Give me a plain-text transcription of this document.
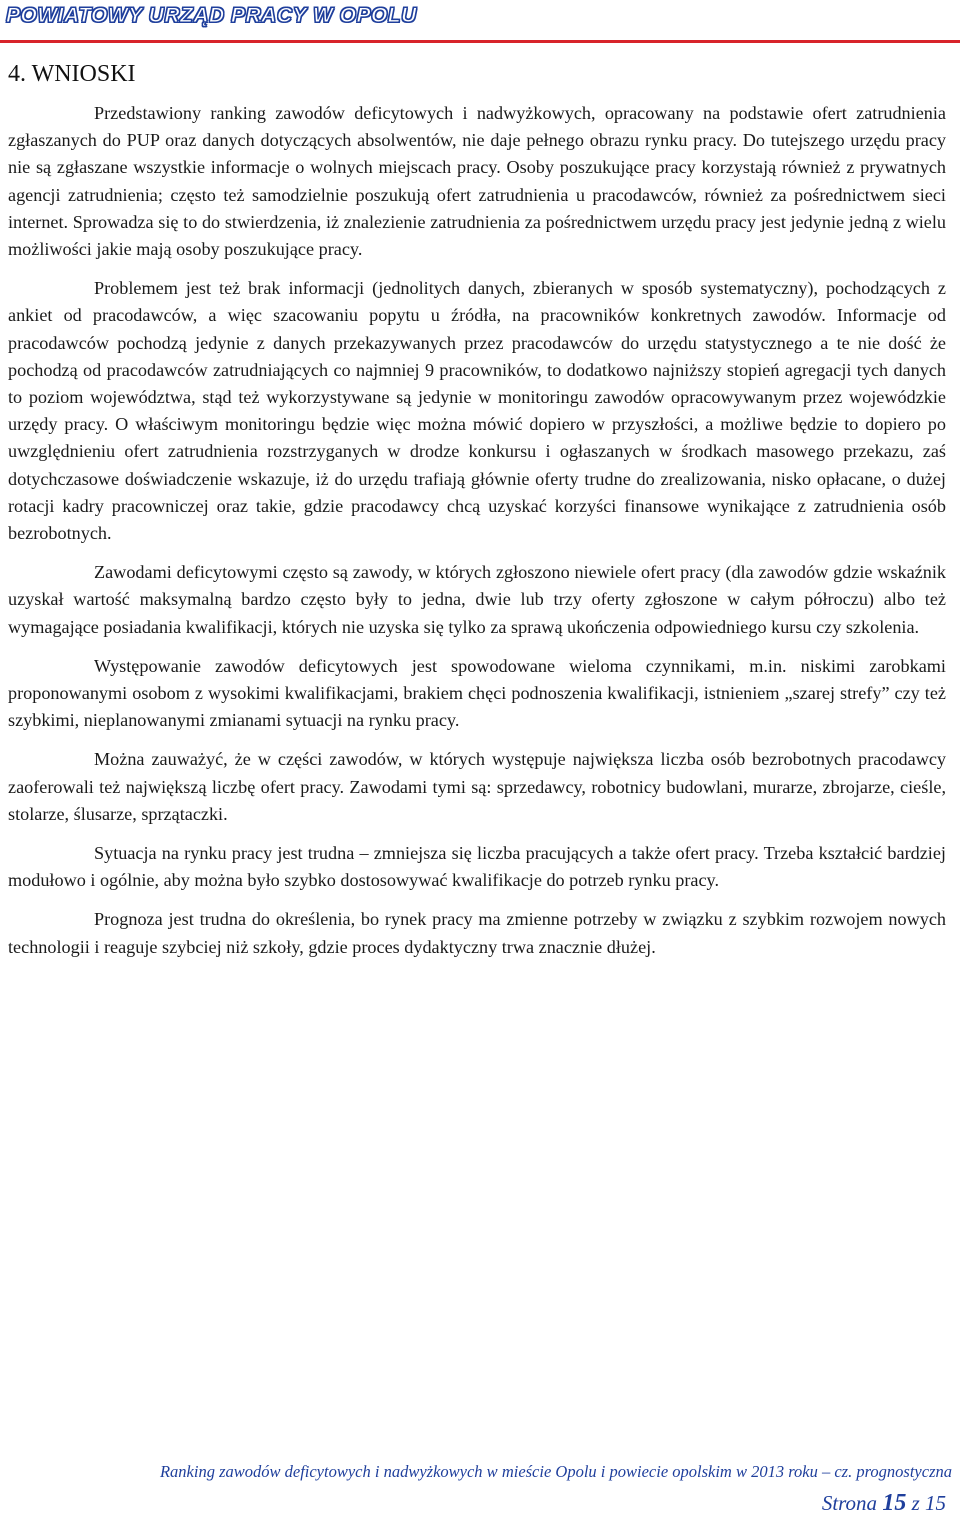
POWIATOWY URZĄD PRACY W OPOLU
4. WNIOSKI

Przedstawiony ranking zawodów deficytowych i nadwyżkowych, opracowany na podstawie ofert zatrudnienia zgłaszanych do PUP oraz danych dotyczących absolwentów, nie daje pełnego obrazu rynku pracy. Do tutejszego urzędu pracy nie są zgłaszane wszystkie informacje o wolnych miejscach pracy. Osoby poszukujące pracy korzystają również z prywatnych agencji zatrudnienia; często też samodzielnie poszukują ofert zatrudnienia u pracodawców, również za pośrednictwem sieci internet. Sprowadza się to do stwierdzenia, iż znalezienie zatrudnienia za pośrednictwem urzędu pracy jest jedynie jedną z wielu możliwości jakie mają osoby poszukujące pracy.

Problemem jest też brak informacji (jednolitych danych, zbieranych w sposób systematyczny), pochodzących z ankiet od pracodawców, a więc szacowaniu popytu u źródła, na pracowników konkretnych zawodów. Informacje od pracodawców pochodzą jedynie z danych przekazywanych przez pracodawców do urzędu statystycznego a te nie dość że pochodzą od pracodawców zatrudniających co najmniej 9 pracowników, to dodatkowo najniższy stopień agregacji tych danych to poziom województwa, stąd też wykorzystywane są jedynie w monitoringu zawodów opracowywanym przez wojewódzkie urzędy pracy. O właściwym monitoringu będzie więc można mówić dopiero w przyszłości, a możliwe będzie to dopiero po uwzględnieniu ofert zatrudnienia rozstrzyganych w drodze konkursu i ogłaszanych w środkach masowego przekazu, zaś dotychczasowe doświadczenie wskazuje, iż do urzędu trafiają głównie oferty trudne do zrealizowania, nisko opłacane, o dużej rotacji kadry pracowniczej oraz takie, gdzie pracodawcy chcą uzyskać korzyści finansowe wynikające z zatrudnienia osób bezrobotnych.

Zawodami deficytowymi często są zawody, w których zgłoszono niewiele ofert pracy (dla zawodów gdzie wskaźnik uzyskał wartość maksymalną bardzo często były to jedna, dwie lub trzy oferty zgłoszone w całym półroczu) albo też wymagające posiadania kwalifikacji, których nie uzyska się tylko za sprawą ukończenia odpowiedniego kursu czy szkolenia.

Występowanie zawodów deficytowych jest spowodowane wieloma czynnikami, m.in. niskimi zarobkami proponowanymi osobom z wysokimi kwalifikacjami, brakiem chęci podnoszenia kwalifikacji, istnieniem „szarej strefy” czy też szybkimi, nieplanowanymi zmianami sytuacji na rynku pracy.

Można zauważyć, że w części zawodów, w których występuje największa liczba osób bezrobotnych pracodawcy zaoferowali też największą liczbę ofert pracy. Zawodami tymi są: sprzedawcy, robotnicy budowlani, murarze, zbrojarze, cieśle, stolarze, ślusarze, sprzątaczki.

Sytuacja na rynku pracy jest trudna – zmniejsza się liczba pracujących a także ofert pracy. Trzeba kształcić bardziej modułowo i ogólnie, aby można było szybko dostosowywać kwalifikacje do potrzeb rynku pracy.

Prognoza jest trudna do określenia, bo rynek pracy ma zmienne potrzeby w związku z szybkim rozwojem nowych technologii i reaguje szybciej niż szkoły, gdzie proces dydaktyczny trwa znacznie dłużej.

Ranking zawodów deficytowych i nadwyżkowych w mieście Opolu i powiecie opolskim w 2013 roku – cz. prognostyczna
Strona 15 z 15
